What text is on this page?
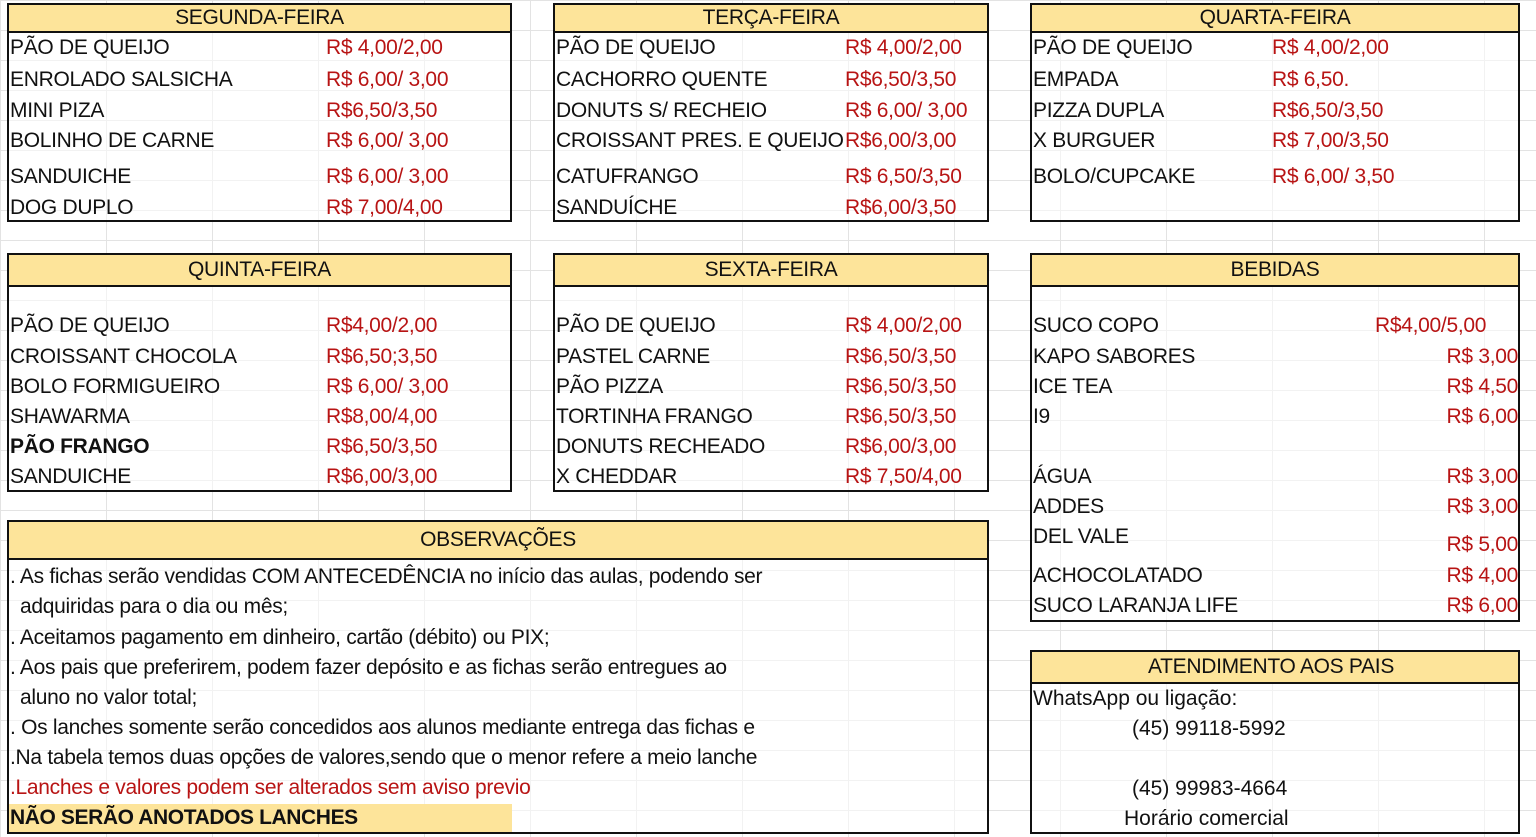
SEGUNDA-FEIRA
PÃO DE QUEIJO	R$ 4,00/2,00
ENROLADO SALSICHA	R$ 6,00/ 3,00
MINI PIZA	R$6,50/3,50
BOLINHO DE CARNE	R$ 6,00/ 3,00
SANDUICHE	R$ 6,00/ 3,00
DOG DUPLO	R$ 7,00/4,00
TERÇA-FEIRA
PÃO DE QUEIJO	R$ 4,00/2,00
CACHORRO QUENTE	R$6,50/3,50
DONUTS S/ RECHEIO	R$ 6,00/ 3,00
CROISSANT PRES. E QUEIJO R$6,00/3,00
CATUFRANGO	R$ 6,50/3,50
SANDUÍCHE	R$6,00/3,50
QUARTA-FEIRA
PÃO DE QUEIJO	R$ 4,00/2,00
EMPADA	R$ 6,50.
PIZZA DUPLA	R$6,50/3,50
X BURGUER	R$ 7,00/3,50
BOLO/CUPCAKE	R$ 6,00/ 3,50
QUINTA-FEIRA
PÃO DE QUEIJO	R$4,00/2,00
CROISSANT CHOCOLA	R$6,50;3,50
BOLO FORMIGUEIRO	R$ 6,00/ 3,00
SHAWARMA	R$8,00/4,00
PÃO FRANGO	R$6,50/3,50
SANDUICHE	R$6,00/3,00
SEXTA-FEIRA
PÃO DE QUEIJO	R$ 4,00/2,00
PASTEL CARNE	R$6,50/3,50
PÃO PIZZA	R$6,50/3,50
TORTINHA FRANGO	R$6,50/3,50
DONUTS RECHEADO	R$6,00/3,00
X CHEDDAR	R$ 7,50/4,00
BEBIDAS
SUCO COPO	R$4,00/5,00
KAPO SABORES	R$ 3,00
ICE TEA	R$ 4,50
I9	R$ 6,00
ÁGUA	R$ 3,00
ADDES	R$ 3,00
DEL VALE	R$ 5,00
ACHOCOLATADO	R$ 4,00
SUCO LARANJA LIFE	R$ 6,00
OBSERVAÇÕES
. As fichas serão vendidas COM ANTECEDÊNCIA no início das aulas, podendo ser
adquiridas para o dia ou mês;
. Aceitamos pagamento em dinheiro, cartão (débito) ou PIX;
. Aos pais que preferirem, podem fazer depósito e as fichas serão entregues ao
aluno no valor total;
. Os lanches somente serão concedidos aos alunos mediante entrega das fichas e
.Na tabela temos duas opções de valores,sendo que o menor refere a meio lanche
.Lanches e valores podem ser alterados sem aviso previo
NÃO SERÃO ANOTADOS LANCHES
ATENDIMENTO AOS PAIS
WhatsApp ou ligação:
(45) 99118-5992
(45) 99983-4664
Horário comercial
